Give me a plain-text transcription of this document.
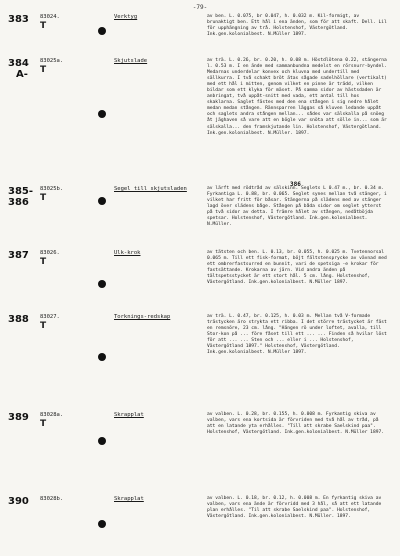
-79-
383 83024.
T
Verktyg	av ben. L. 0.075, br 0.047, h. 0.032 m. Kil-formigt, av brunaktigt ben. Ett hål i ena änden, som för att skaft. Dell. Lil för upphängning av trå. Holstenshof, Västergötland. Ink.gen.kolonialbest. N.Müller 1897.
384
A-
83025a.
T
Skjutslade	av trä. L. 0.26, br. 0.20, h. 0.08 m. Höstdlötena 0.22, stängerna l. 0.53 m. I en ände med sammanbundna medelst en rörsnurr-byndel. Medarnas underdelar konvex och kluvna med undertill med sällkurra. I två schakt bröt ätas sågade sadelhöllare (vertikalt) med ett hål i mitten, genom vilket en pinne är trädd, vilken bildar som ett klyka för mäset. På samma sidor av hästsdaden är anbringat, två uppåt-snitt med vada, ett antal till hos skaklarna. Saglet fästes med den ena stången i sig nedre hålet medan medan stången. Rännsparren läggas så kluven ledande uppåt och saglets andra stången mellan... sådes var sälskalla på snöeg åt jäghaven så vare att en bögle var snöta att sölle in... som är sälskalla... den framskjutande lin. Holstenshof, Västergötland. Ink.gen.kolonialbest. N.Müller. 1897.
385-
386
83025b.
T
Segel till skjutsladen	av lärft med rödtråd av sälskinn. Seglets L 0.47 m., br. 0.34 m. Fyrkantiga L. 0.88, br. 0.065. Seglet synes mellan två stänger, i vilket har fritt för båsar. Stängerna på slädens med av stänger lagd över slädens båge. Stången på båda sidor om seglet ytterst på två sidor av detta. I främre hålet av stången, nedåtböjda spetsar. Holstenshof, Västergötland. Ink.gen.kolonialbest. N.Müller.
386
387 83026.
T
Ulk-krok	av tätsten och ben. L. 0.13, br. 0.055, h. 0.025 m. Tvetennorsal 0.065 m. Till ett fisk-format, böjt fältstensprycke av vävnad med ett ombrerfastsurred en bunnit, vari de spetsiga -e krokar för fastsättande. Krokarna av järn. Vid andra änden på tältspetsstycket är ett stort hål. 5 cm. lång. Holstenshof, Västergötland. Ink.gen.kolonialbest. N.Müller 1897.
388 83027.
T
Torknings-redskap	av trä. L. 0.47, br. 0.125, h. 0.03 m. Mellan två V-formade trästycken äro strykta ett ribba. I det större trästycket är fäst en remsnöre, 23 cm. lång. "Hängen rö under loftet, avalla, till Stor-kon på ... före fåset till ett ... ... Finden så hvilar löst för att ... ... Sten och ... eller i ... Holstenshof, Västergötland 1897." Holstenshof, Västergötland. Ink.gen.kolonialbest. N.Müller 1897.
389 83028a.
T
Skrapplat	av valben. L. 0.28, br. 0.155, h. 0.008 m. Fyrkantig skiva av valben, vars ena kortsida är förvriden med två hål av tråd, på att en latande yta erhålles. "Till att skrabe Saelskind paa". Holstenshof, Västergötland. Ink.gen.kolonialbest. N.Müller 1897.
390 83028b.	Skrapplat	av valben. L. 0.18, br. 0.12, h. 0.008 m. En fyrkantig skiva av valben, vars ena ände är förvridd med 3 hål, så att ett latande plan erhålles. "Til att skrabe Saelskind paa". Holstenshof, Västergötland. Ink.gen.kolonialbest. N.Müller. 1897.
